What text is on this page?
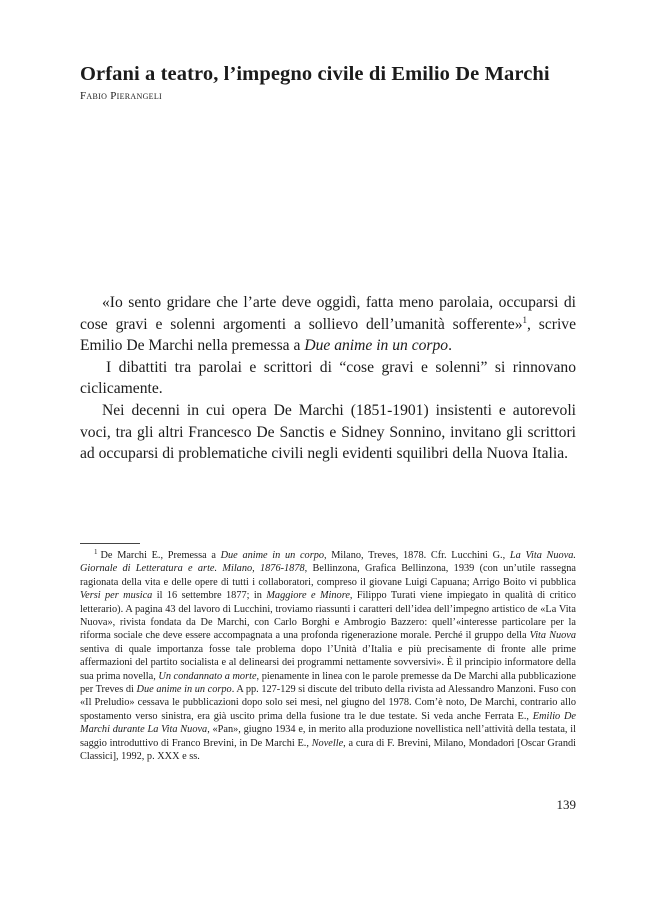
Orfani a teatro, l’impegno civile di Emilio De Marchi
Fabio Pierangeli

«Io sento gridare che l’arte deve oggidì, fatta meno parolaia, occuparsi di cose gravi e solenni argomenti a sollievo dell’umanità sofferente»$^1$, scrive Emilio De Marchi nella premessa a Due anime in un corpo.

I dibattiti tra parolai e scrittori di “cose gravi e solenni” si rinnovano ciclicamente.

Nei decenni in cui opera De Marchi (1851-1901) insistenti e autorevoli voci, tra gli altri Francesco De Sanctis e Sidney Sonnino, invitano gli scrittori ad occuparsi di problematiche civili negli evidenti squilibri della Nuova Italia.

$^1$ De Marchi E., Premessa a Due anime in un corpo, Milano, Treves, 1878. Cfr. Lucchini G., La Vita Nuova. Giornale di Letteratura e arte. Milano, 1876-1878, Bellinzona, Grafica Bellinzona, 1939 (con un’utile rassegna ragionata della vita e delle opere di tutti i collaboratori, compreso il giovane Luigi Capuana; Arrigo Boito vi pubblica Versi per musica il 16 settembre 1877; in Maggiore e Minore, Filippo Turati viene impiegato in qualità di critico letterario). A pagina 43 del lavoro di Lucchini, troviamo riassunti i caratteri dell’idea dell’impegno artistico de «La Vita Nuova», rivista fondata da De Marchi, con Carlo Borghi e Ambrogio Bazzero: quell’«interesse particolare per la riforma sociale che deve essere accompagnata a una profonda rigenerazione morale. Perché il gruppo della Vita Nuova sentiva di quale importanza fosse tale problema dopo l’Unità d’Italia e più precisamente di fronte alle prime affermazioni del partito socialista e al delinearsi dei programmi nettamente sovversivi». È il principio informatore della sua prima novella, Un condannato a morte, pienamente in linea con le parole premesse da De Marchi alla pubblicazione per Treves di Due anime in un corpo. A pp. 127-129 si discute del tributo della rivista ad Alessandro Manzoni. Fuso con «Il Preludio» cessava le pubblicazioni dopo solo sei mesi, nel giugno del 1978. Com’è noto, De Marchi, contrario allo spostamento verso sinistra, era già uscito prima della fusione tra le due testate. Si veda anche Ferrata E., Emilio De Marchi durante La Vita Nuova, «Pan», giugno 1934 e, in merito alla produzione novellistica nell’attività della testata, il saggio introduttivo di Franco Brevini, in De Marchi E., Novelle, a cura di F. Brevini, Milano, Mondadori [Oscar Grandi Classici], 1992, p. XXX e ss.

139
